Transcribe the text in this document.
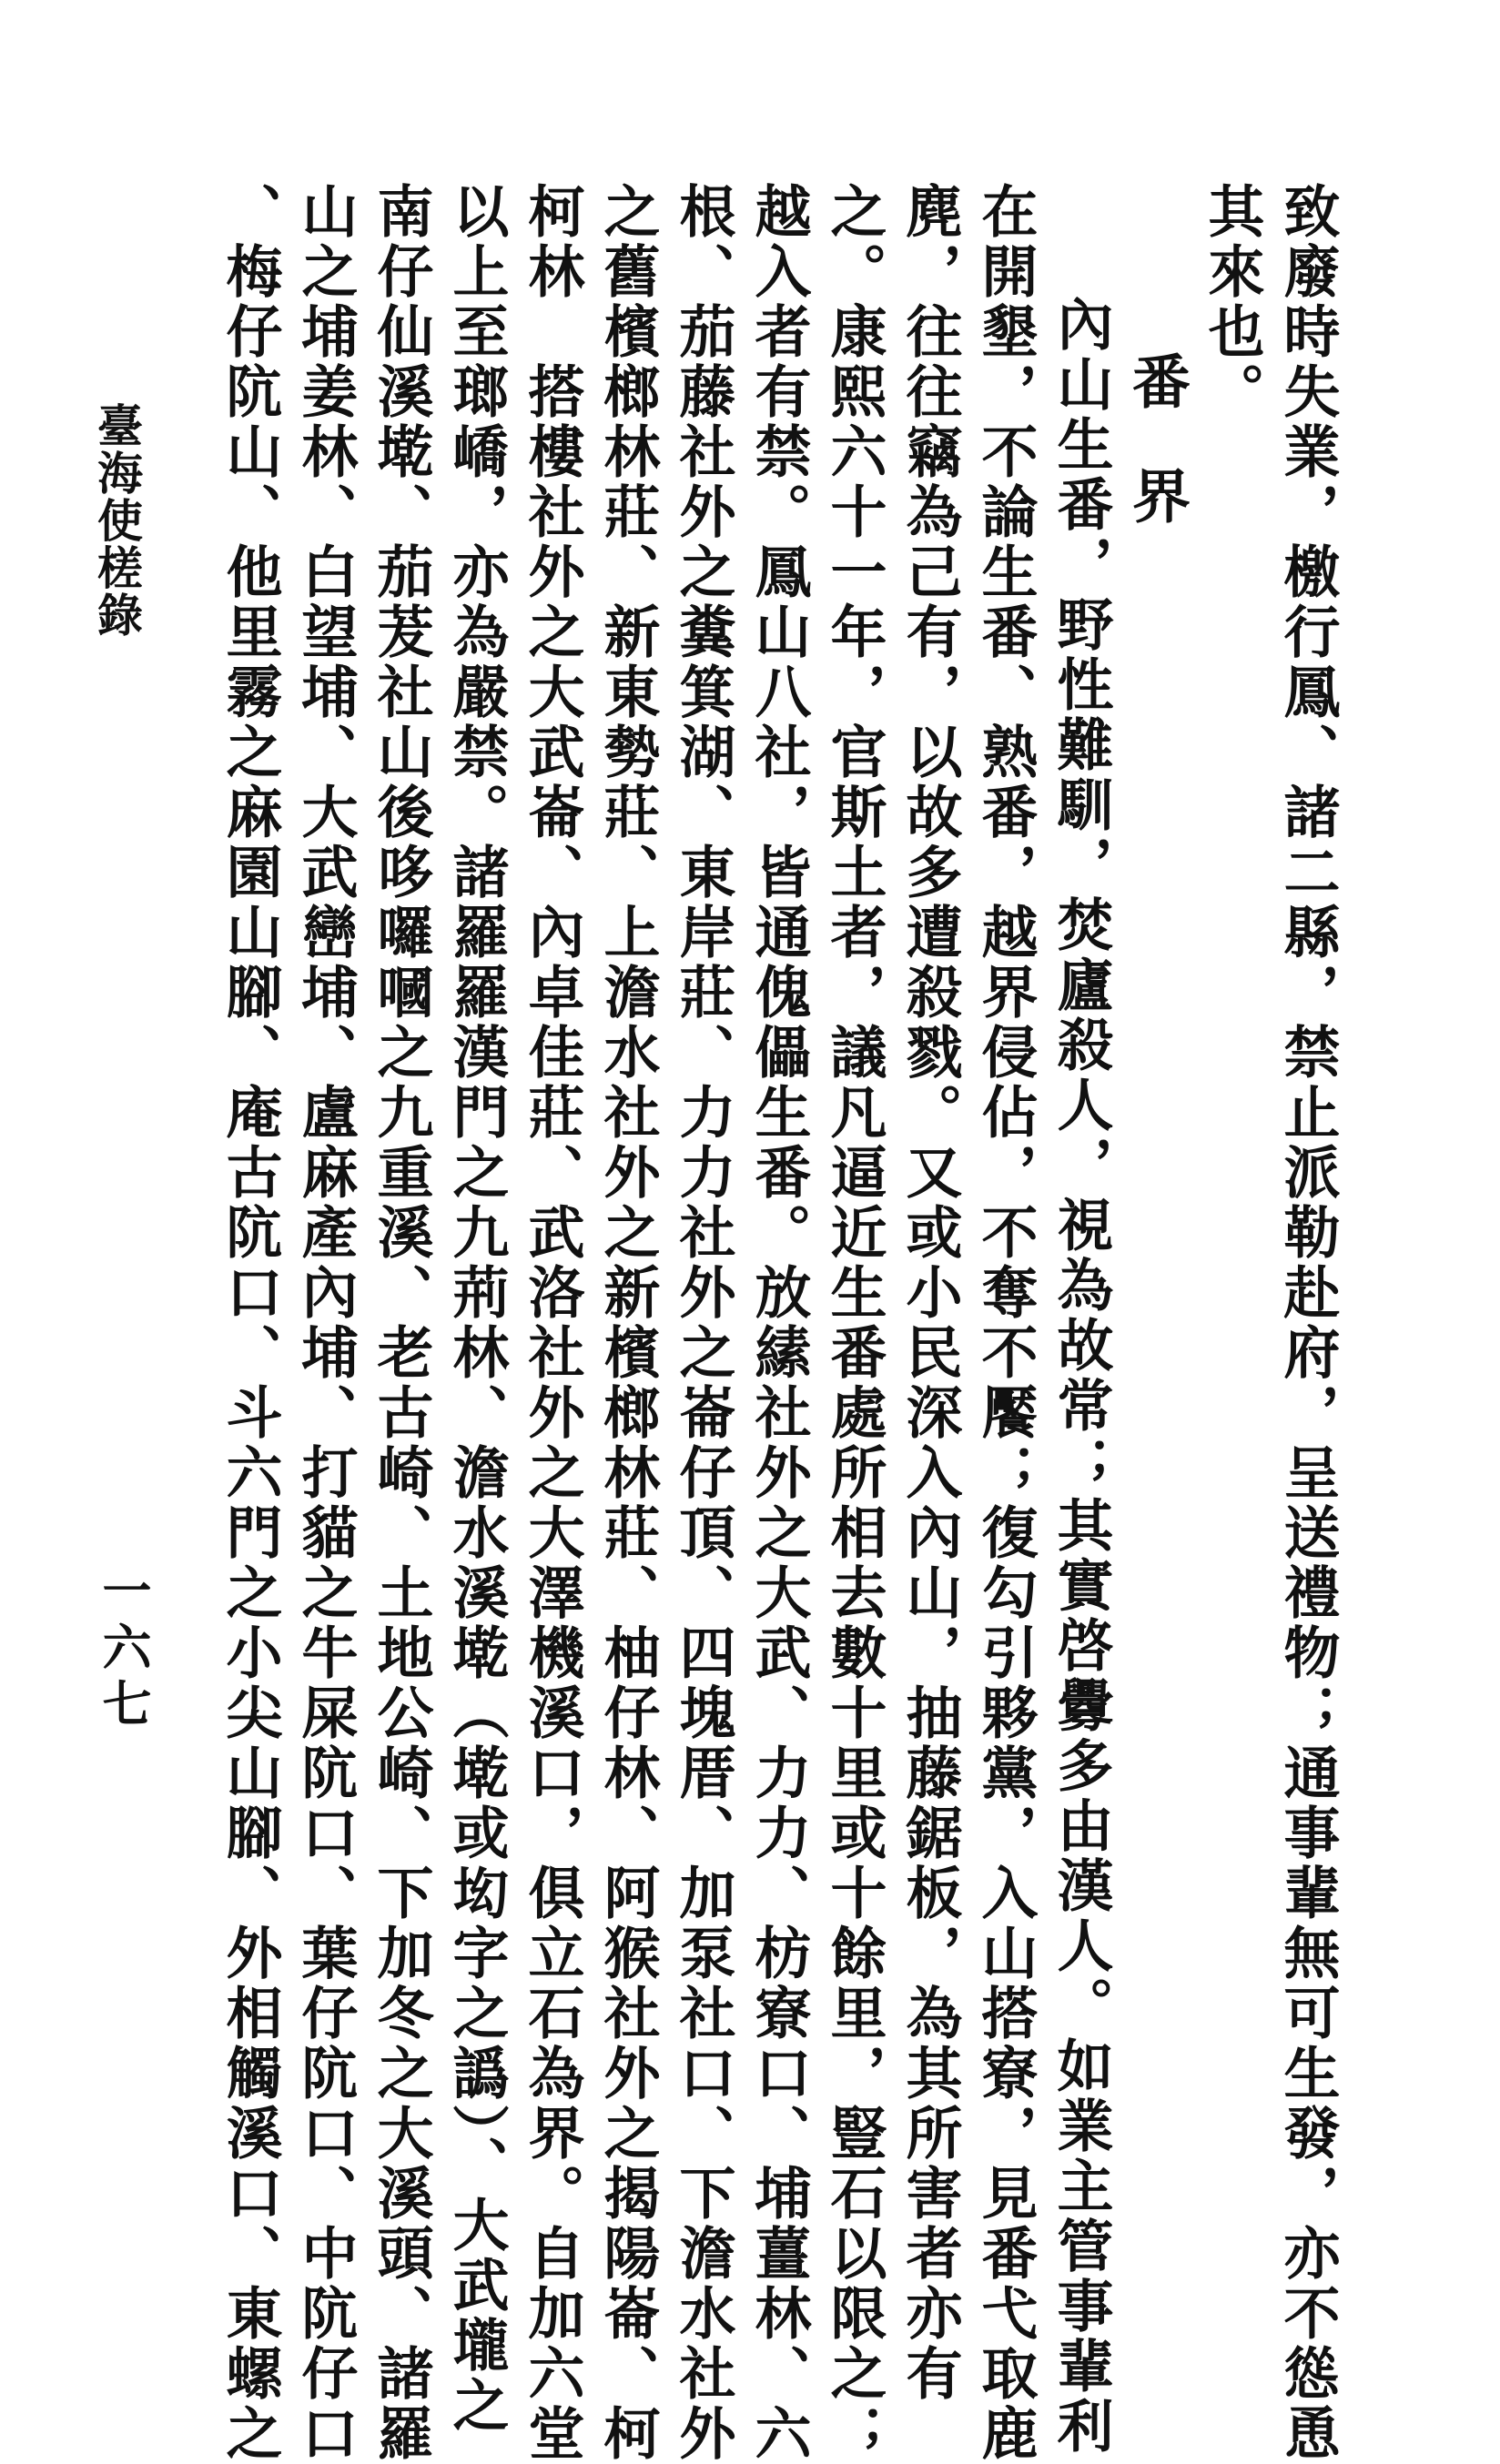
致廢時失業，檄行鳳、諸二縣，禁止派勒赴府，呈送禮物；通事輩無可生發，亦不慫恿

其來也。

番界

內山生番，野性難馴，焚廬殺人，視為故常；其實啓釁多由漢人。如業主管事輩利

在開墾，不論生番、熟番，越界侵佔，不奪不饜；復勾引夥黨，入山搭寮，見番弋取鹿

麂，往往竊為己有，以故多遭殺戮。又或小民深入內山，抽藤鋸板，為其所害者亦有

之。康熙六十一年，官斯土者，議凡逼近生番處所相去數十里或十餘里，豎石以限之；

越入者有禁。鳳山八社，皆通傀儡生番。放縤社外之大武、力力、枋寮口、埔薑林、六

根、茄藤社外之糞箕湖、東岸莊、力力社外之崙仔頂、四塊厝、加泵社口、下澹水社外

之舊檳榔林莊、新東勢莊、上澹水社外之新檳榔林莊、柚仔林、阿猴社外之揭陽崙、柯

柯林　搭樓社外之大武崙、內卓佳莊、武洛社外之大澤機溪口，俱立石為界。自加六堂

以上至瑯嶠，亦為嚴禁。諸羅羅漢門之九荊林、澹水溪墘（墘或㘭字之譌）、大武壠之

南仔仙溪墘、茄茇社山後哆囉嘓之九重溪、老古崎、土地公崎、下加冬之大溪頭、諸羅

山之埔姜林、白望埔、大武巒埔、盧麻產內埔、打貓之牛屎阬口、葉仔阬口、中阬仔口

、梅仔阬山、他里霧之麻園山腳、庵古阬口、斗六門之小尖山腳、外相觸溪口、東螺之

臺海使槎錄
一六七
